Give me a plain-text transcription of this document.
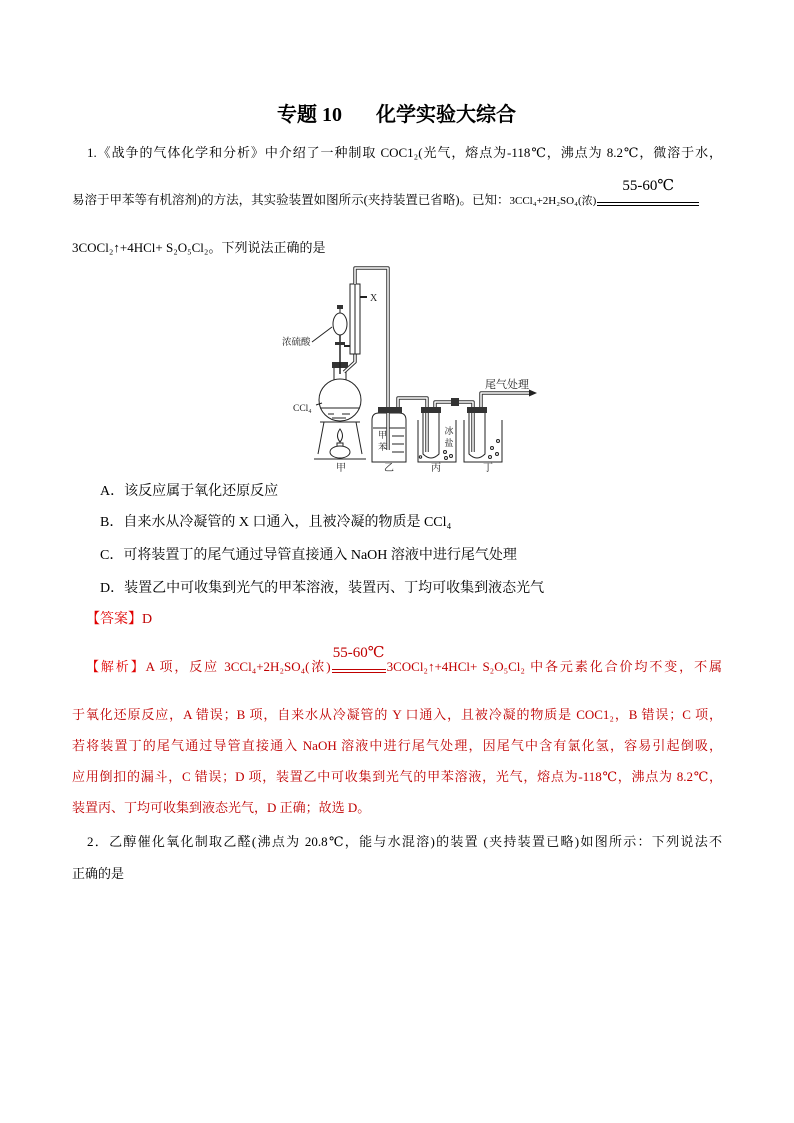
专题 10 化学实验大综合
1.《战争的气体化学和分析》中介绍了一种制取 COC1₂(光气，熔点为-118℃，沸点为 8.2℃，微溶于水，
易溶于甲苯等有机溶剂)的方法，其实验装置如图所示(夹持装置已省略)。已知：3CCl₄+2H₂SO₄(浓)
55-60℃
3COCl₂↑+4HCl+ S₂O₅Cl₂。下列说法正确的是
浓硫酸
CCl₄
X
甲
苯
冰
盐
尾气处理
甲	乙	丙	丁
A．该反应属于氧化还原反应
B．自来水从冷凝管的 X 口通入，且被冷凝的物质是 CCl₄
C．可将装置丁的尾气通过导管直接通入 NaOH 溶液中进行尾气处理
D．装置乙中可收集到光气的甲苯溶液，装置丙、丁均可收集到液态光气
【答案】D
【解析】A 项，反应 3CCl₄+2H₂SO₄(浓)
55-60℃
3COCl₂↑+4HCl+ S₂O₅Cl₂ 中各元素化合价均不变，不属
于氧化还原反应，A 错误；B 项，自来水从冷凝管的 Y 口通入，且被冷凝的物质是 COC1₂，B 错误；C 项，
若将装置丁的尾气通过导管直接通入 NaOH 溶液中进行尾气处理，因尾气中含有氯化氢，容易引起倒吸，
应用倒扣的漏斗，C 错误；D 项，装置乙中可收集到光气的甲苯溶液，光气，熔点为-118℃，沸点为 8.2℃，
装置丙、丁均可收集到液态光气，D 正确；故选 D。
2．乙醇催化氧化制取乙醛(沸点为 20.8℃，能与水混溶)的装置 (夹持装置已略)如图所示：下列说法不
正确的是
